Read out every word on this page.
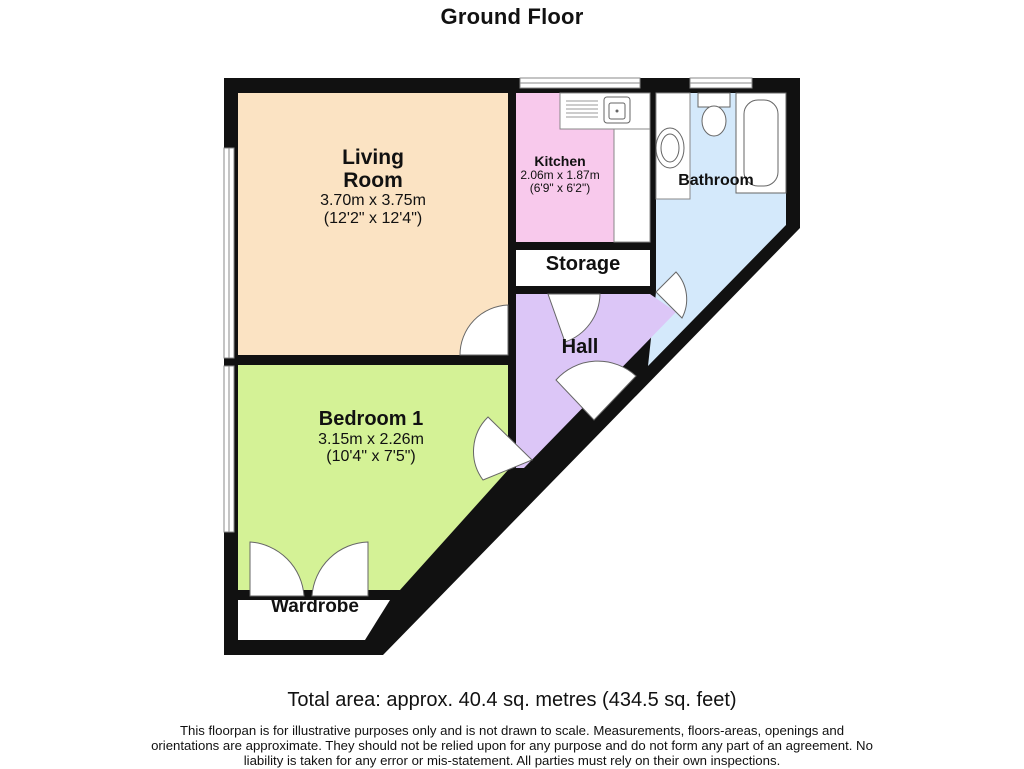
Ground Floor
Living
Room
3.70m x 3.75m
(12'2" x 12'4")
Kitchen
2.06m x 1.87m
(6'9" x 6'2")	Bathroom
Storage
Hall
Bedroom 1
3.15m x 2.26m
(10'4" x 7'5")
Wardrobe
Total area: approx. 40.4 sq. metres (434.5 sq. feet)
This floorpan is for illustrative purposes only and is not drawn to scale. Measurements, floors-areas, openings and orientations are approximate. They should not be relied upon for any purpose and do not form any part of an agreement. No liability is taken for any error or mis-statement. All parties must rely on their own inspections.
